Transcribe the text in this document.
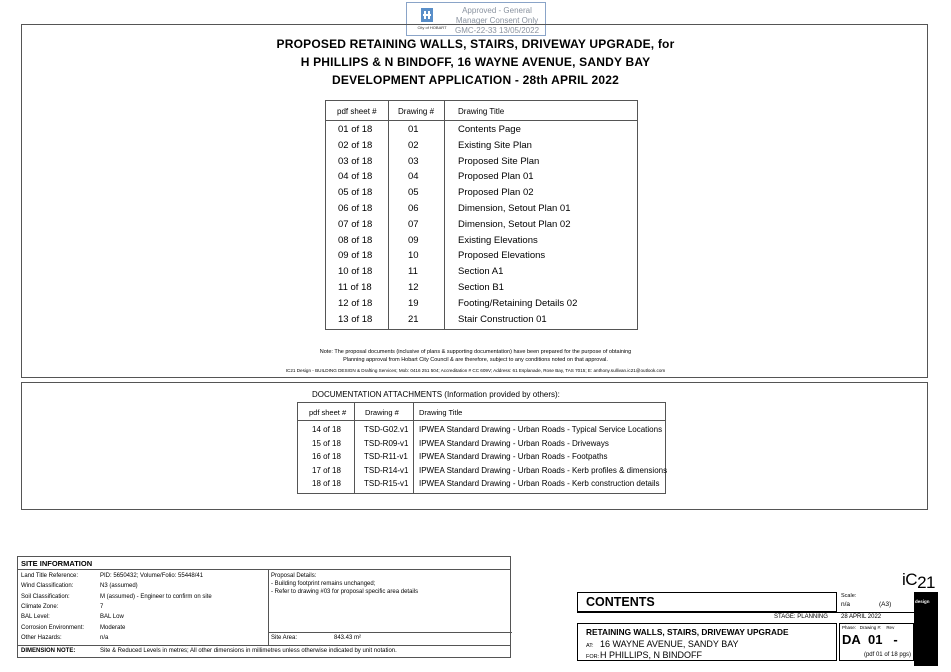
City of HOBART
Approved - General
Manager Consent Only
GMC-22-33 13/05/2022
PROPOSED RETAINING WALLS, STAIRS, DRIVEWAY UPGRADE, for
H PHILLIPS & N BINDOFF, 16 WAYNE AVENUE, SANDY BAY
DEVELOPMENT APPLICATION - 28th APRIL 2022
pdf sheet #	Drawing #	Drawing Title
01 of 18	01	Contents Page
02 of 18	02	Existing Site Plan
03 of 18	03	Proposed Site Plan
04 of 18	04	Proposed Plan 01
05 of 18	05	Proposed Plan 02
06 of 18	06	Dimension, Setout Plan 01
07 of 18	07	Dimension, Setout Plan 02
08 of 18	09	Existing Elevations
09 of 18	10	Proposed Elevations
10 of 18	11	Section A1
11 of 18	12	Section B1
12 of 18	19	Footing/Retaining Details 02
13 of 18	21	Stair Construction 01
Note: The proposal documents (inclusive of plans & supporting documentation) have been prepared for the purpose of obtaining
Planning approval from Hobart City Council & are therefore, subject to any conditions noted on that approval.
IC21 Design - BUILDING DESIGN & Drafting Services; Mob: 0416 251 504; Accreditation # CC 609V; Address: 61 Esplanade, Rose Bay, TAS 7015; E: anthony.sullivan.ic21@outlook.com
DOCUMENTATION ATTACHMENTS (Information provided by others):
pdf sheet #	Drawing #	Drawing Title
14 of 18	TSD-G02.v1 IPWEA Standard Drawing - Urban Roads - Typical Service Locations
15 of 18	TSD-R09-v1 IPWEA Standard Drawing - Urban Roads - Driveways
16 of 18	TSD-R11-v1 IPWEA Standard Drawing - Urban Roads - Footpaths
17 of 18	TSD-R14-v1 IPWEA Standard Drawing - Urban Roads - Kerb profiles & dimensions
18 of 18	TSD-R15-v1 IPWEA Standard Drawing - Urban Roads - Kerb construction details
SITE INFORMATION
Land Title Reference:	PID: 5650432; Volume/Folio: 55448/41
Wind Classification:	N3 (assumed)
Soil Classification:	M (assumed) - Engineer to confirm on site
Climate Zone:	7
BAL Level:	BAL Low
Corrosion Environment:	Moderate
Other Hazards:	n/a
Proposal Details:
- Building footprint remains unchanged;
- Refer to drawing #03 for proposal specific area details
Site Area:	843.43 m²
DIMENSION NOTE:	Site & Reduced Levels in metres; All other dimensions in millimetres unless otherwise indicated by unit notation.
$iC_{21}$
design
CONTENTS	Scale:
n/a	(A3)
STAGE: PLANNING 28 APRIL 2022
RETAINING WALLS, STAIRS, DRIVEWAY UPGRADE
AT: 16 WAYNE AVENUE, SANDY BAY
FOR:H PHILLIPS, N BINDOFF
Phase: Drawing #: Rev
DA 01 -
(pdf 01 of 18 pgs)
